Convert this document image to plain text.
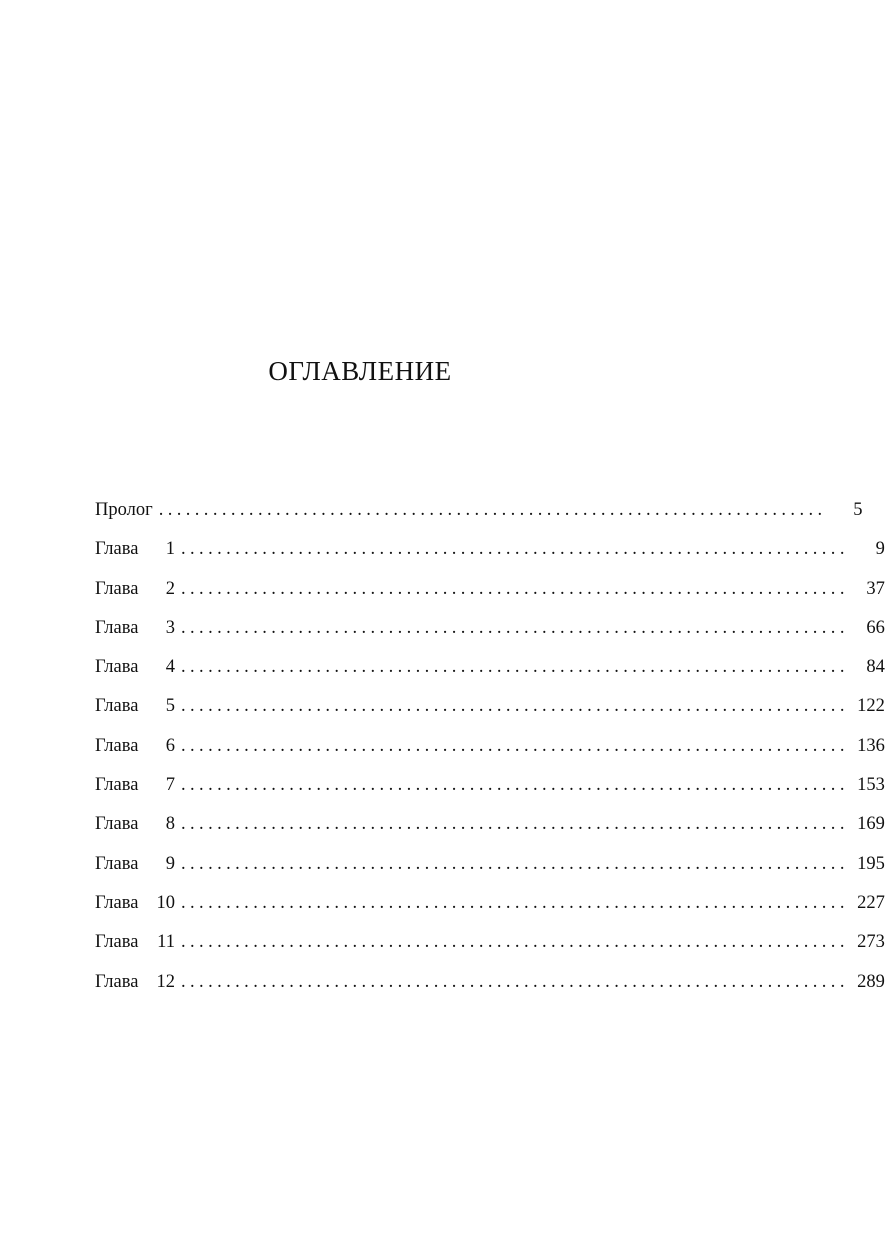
ОГЛАВЛЕНИЕ
Пролог ..........................................................................	5
Глава 1 ..........................................................................	9
Глава 2 .......................................................................... 37
Глава 3 .......................................................................... 66
Глава 4 .......................................................................... 84
Глава 5 .......................................................................... 122
Глава 6 .......................................................................... 136
Глава 7 .......................................................................... 153
Глава 8 .......................................................................... 169
Глава 9 .......................................................................... 195
Глава 10 .......................................................................... 227
Глава 11 .......................................................................... 273
Глава 12 .......................................................................... 289
